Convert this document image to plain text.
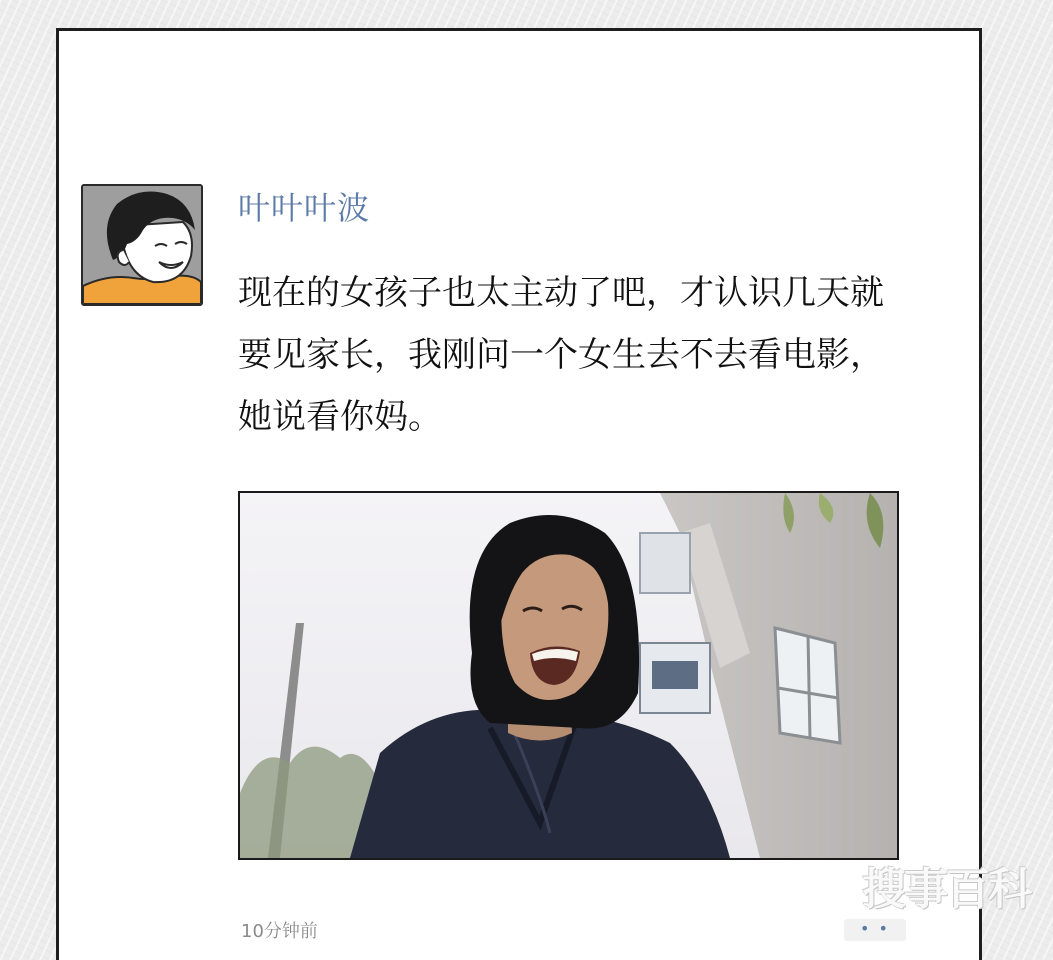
叶叶叶波

现在的女孩子也太主动了吧，才认识几天就
要见家长，我刚问一个女生去不去看电影，
她说看你妈。

10分钟前	• •
搜事百科
